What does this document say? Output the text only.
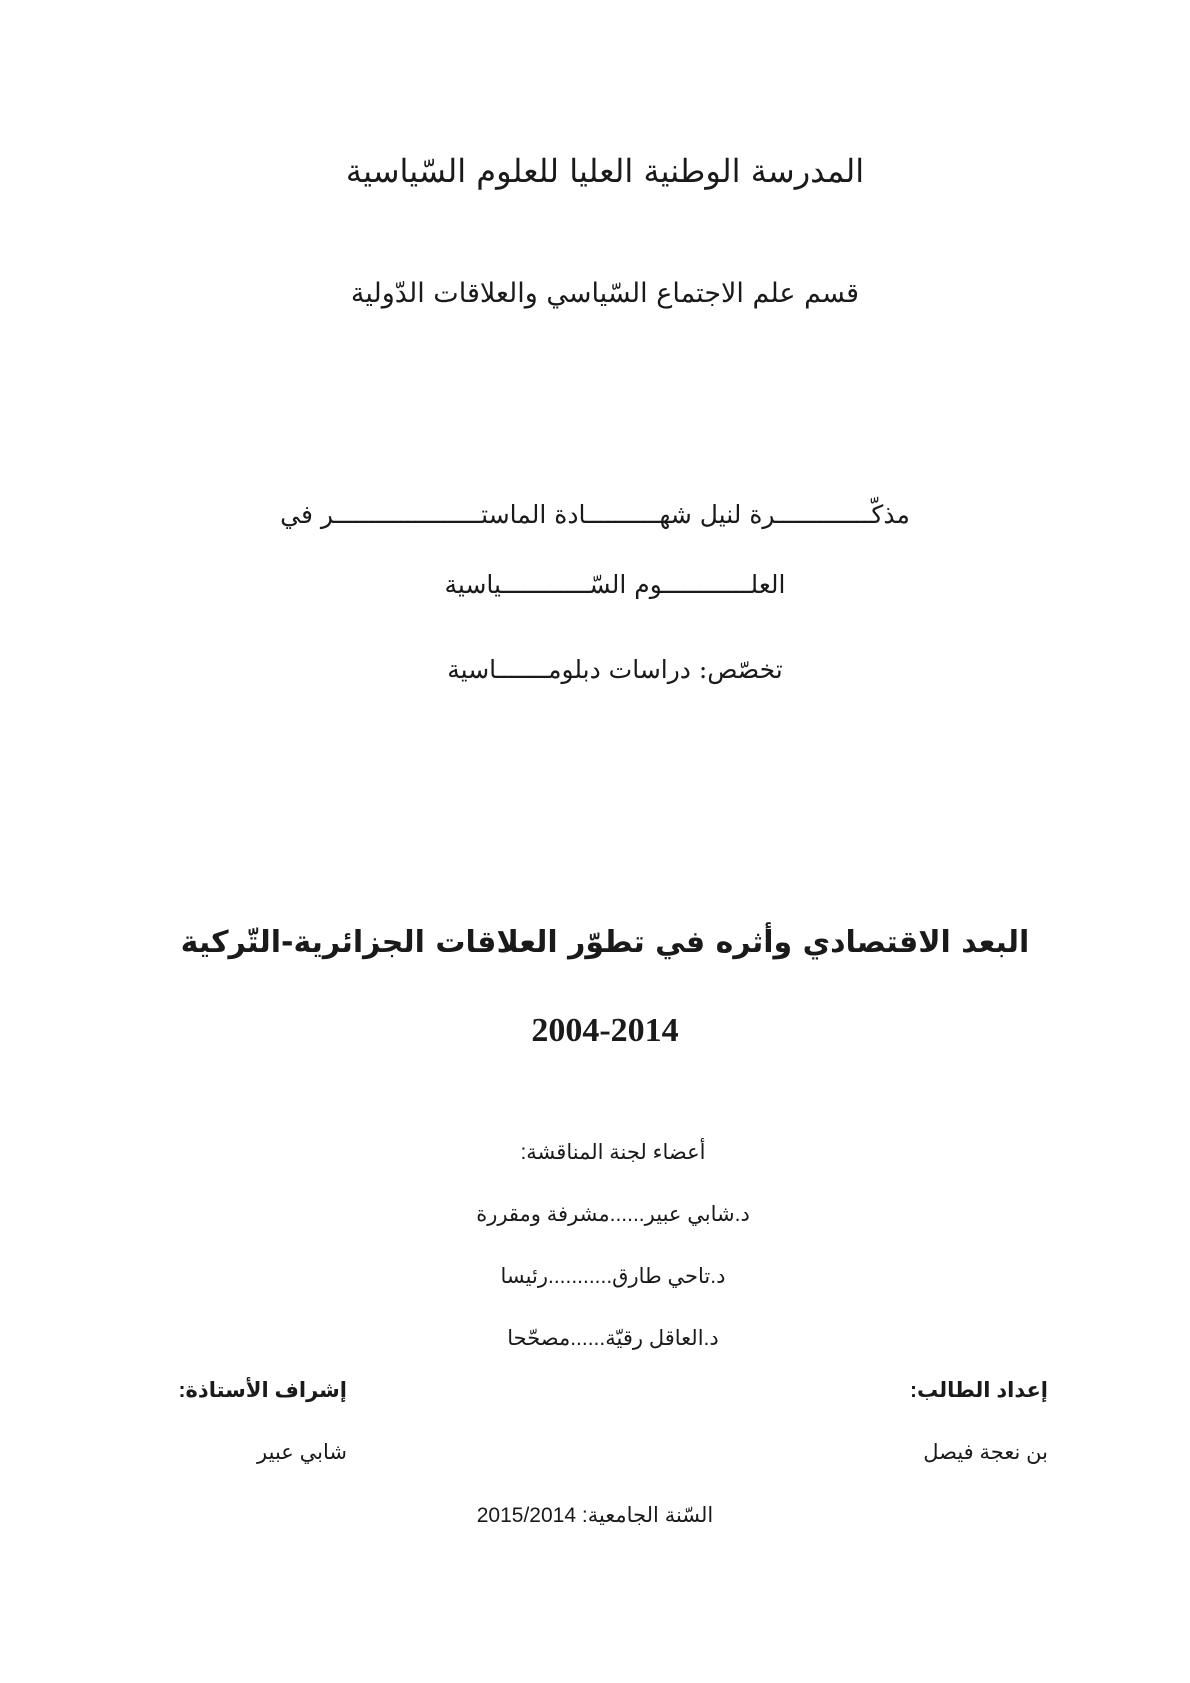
المدرسة الوطنية العليا للعلوم السّياسية
قسم علم الاجتماع السّياسي والعلاقات الدّولية
مذكّـــــــــــــرة لنيل شهــــــــــادة الماستــــــــــــــــــــر في
العلــــــــــــوم السّــــــــــــياسية
تخصّص: دراسات دبلومـــــــاسية
البعد الاقتصادي وأثره في تطوّر العلاقات الجزائرية-التّركية
2004-2014
أعضاء لجنة المناقشة:
د.شابي عبير......مشرفة ومقررة
د.تاحي طارق...........رئيسا
د.العاقل رقيّة......مصحّحا
إعداد الطالب:
إشراف الأستاذة:
بن نعجة فيصل
شابي عبير
السّنة الجامعية: 2015/2014
